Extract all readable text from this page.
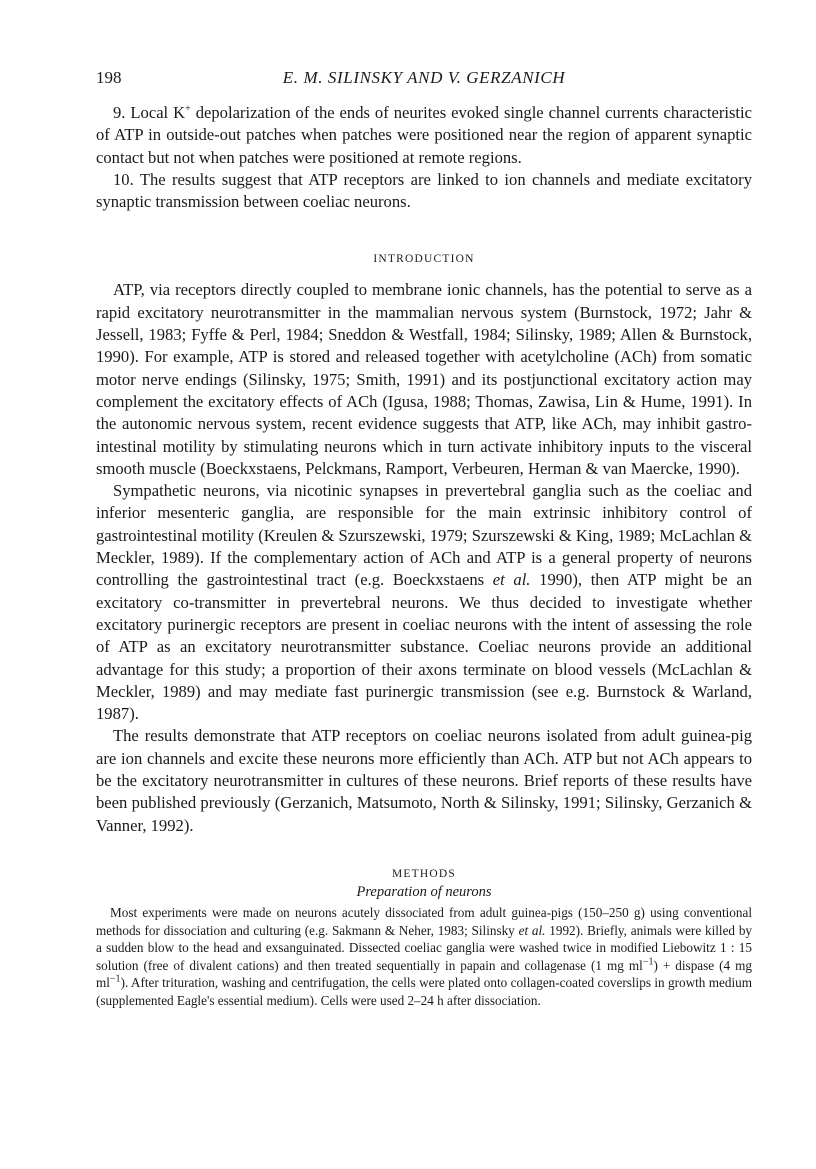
198	E. M. SILINSKY AND V. GERZANICH

9. Local K+ depolarization of the ends of neurites evoked single channel currents characteristic of ATP in outside-out patches when patches were positioned near the region of apparent synaptic contact but not when patches were positioned at remote regions.

10. The results suggest that ATP receptors are linked to ion channels and mediate excitatory synaptic transmission between coeliac neurons.

INTRODUCTION

ATP, via receptors directly coupled to membrane ionic channels, has the potential to serve as a rapid excitatory neurotransmitter in the mammalian nervous system (Burnstock, 1972; Jahr & Jessell, 1983; Fyffe & Perl, 1984; Sneddon & Westfall, 1984; Silinsky, 1989; Allen & Burnstock, 1990). For example, ATP is stored and released together with acetylcholine (ACh) from somatic motor nerve endings (Silinsky, 1975; Smith, 1991) and its postjunctional excitatory action may complement the excitatory effects of ACh (Igusa, 1988; Thomas, Zawisa, Lin & Hume, 1991). In the autonomic nervous system, recent evidence suggests that ATP, like ACh, may inhibit gastro-intestinal motility by stimulating neurons which in turn activate inhibitory inputs to the visceral smooth muscle (Boeckxstaens, Pelckmans, Ramport, Verbeuren, Herman & van Maercke, 1990).

Sympathetic neurons, via nicotinic synapses in prevertebral ganglia such as the coeliac and inferior mesenteric ganglia, are responsible for the main extrinsic inhibitory control of gastrointestinal motility (Kreulen & Szurszewski, 1979; Szurszewski & King, 1989; McLachlan & Meckler, 1989). If the complementary action of ACh and ATP is a general property of neurons controlling the gastrointestinal tract (e.g. Boeckxstaens et al. 1990), then ATP might be an excitatory co-transmitter in prevertebral neurons. We thus decided to investigate whether excitatory purinergic receptors are present in coeliac neurons with the intent of assessing the role of ATP as an excitatory neurotransmitter substance. Coeliac neurons provide an additional advantage for this study; a proportion of their axons terminate on blood vessels (McLachlan & Meckler, 1989) and may mediate fast purinergic transmission (see e.g. Burnstock & Warland, 1987).

The results demonstrate that ATP receptors on coeliac neurons isolated from adult guinea-pig are ion channels and excite these neurons more efficiently than ACh. ATP but not ACh appears to be the excitatory neurotransmitter in cultures of these neurons. Brief reports of these results have been published previously (Gerzanich, Matsumoto, North & Silinsky, 1991; Silinsky, Gerzanich & Vanner, 1992).

METHODS

Preparation of neurons

Most experiments were made on neurons acutely dissociated from adult guinea-pigs (150–250 g) using conventional methods for dissociation and culturing (e.g. Sakmann & Neher, 1983; Silinsky et al. 1992). Briefly, animals were killed by a sudden blow to the head and exsanguinated. Dissected coeliac ganglia were washed twice in modified Liebowitz 1 : 15 solution (free of divalent cations) and then treated sequentially in papain and collagenase (1 mg $ml^{-1}$) + dispase (4 mg $ml^{-1}$). After trituration, washing and centrifugation, the cells were plated onto collagen-coated coverslips in growth medium (supplemented Eagle's essential medium). Cells were used 2–24 h after dissociation.
